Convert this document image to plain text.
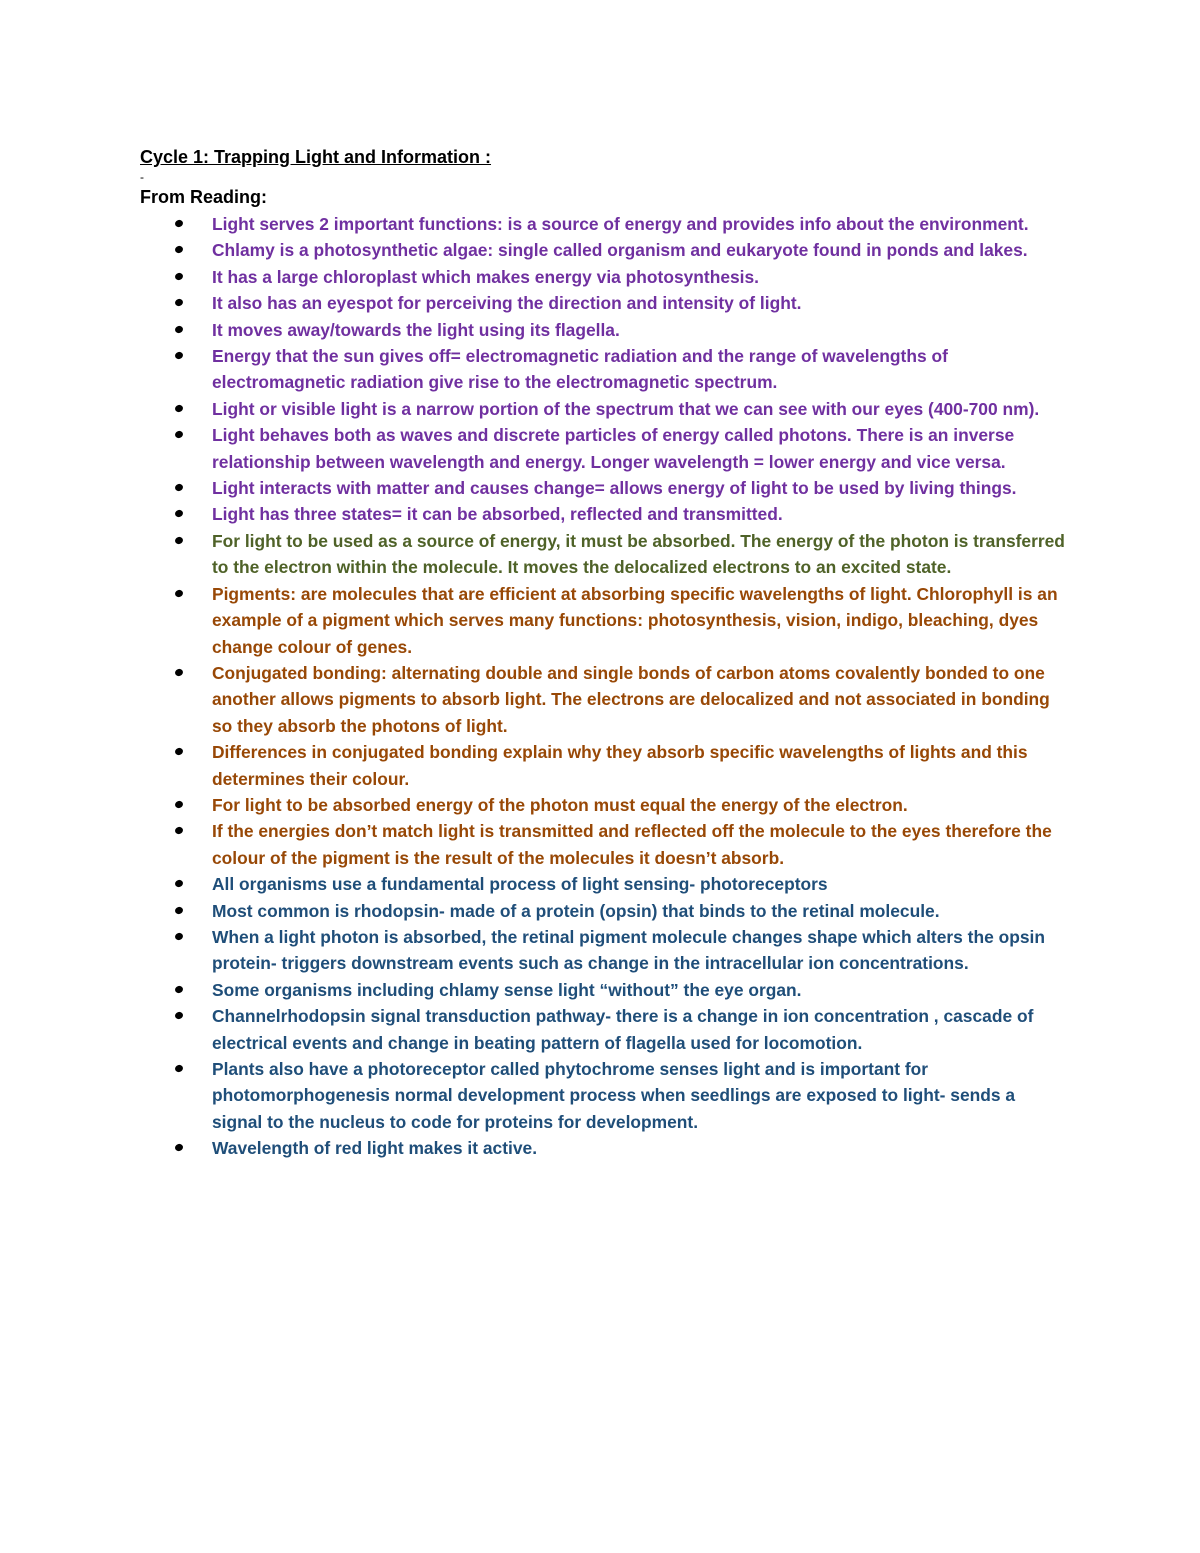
Cycle 1: Trapping Light and Information :
-
From Reading:
Light serves 2 important functions: is a source of energy and provides info about the environment.
Chlamy is a photosynthetic algae: single called organism and eukaryote found in ponds and lakes.
It has a large chloroplast which makes energy via photosynthesis.
It also has an eyespot for perceiving the direction and intensity of light.
It moves away/towards the light using its flagella.
Energy that the sun gives off= electromagnetic radiation and the range of wavelengths of electromagnetic radiation give rise to the electromagnetic spectrum.
Light or visible light is a narrow portion of the spectrum that we can see with our eyes (400-700 nm).
Light behaves both as waves and discrete particles of energy called photons. There is an inverse relationship between wavelength and energy. Longer wavelength = lower energy and vice versa.
Light interacts with matter and causes change= allows energy of light to be used by living things.
Light has three states= it can be absorbed, reflected and transmitted.
For light to be used as a source of energy, it must be absorbed. The energy of the photon is transferred to the electron within the molecule. It moves the delocalized electrons to an excited state.
Pigments: are molecules that are efficient at absorbing specific wavelengths of light. Chlorophyll is an example of a pigment which serves many functions: photosynthesis, vision, indigo, bleaching, dyes change colour of genes.
Conjugated bonding: alternating double and single bonds of carbon atoms covalently bonded to one another allows pigments to absorb light. The electrons are delocalized and not associated in bonding so they absorb the photons of light.
Differences in conjugated bonding explain why they absorb specific wavelengths of lights and this determines their colour.
For light to be absorbed energy of the photon must equal the energy of the electron.
If the energies don’t match light is transmitted and reflected off the molecule to the eyes therefore the colour of the pigment is the result of the molecules it doesn’t absorb.
All organisms use a fundamental process of light sensing- photoreceptors
Most common is rhodopsin- made of a protein (opsin) that binds to the retinal molecule.
When a light photon is absorbed, the retinal pigment molecule changes shape which alters the opsin protein- triggers downstream events such as change in the intracellular ion concentrations.
Some organisms including chlamy sense light “without” the eye organ.
Channelrhodopsin signal transduction pathway- there is a change in ion concentration , cascade of electrical events and change in beating pattern of flagella used for locomotion.
Plants also have a photoreceptor called phytochrome senses light and is important for photomorphogenesis normal development process when seedlings are exposed to light- sends a signal to the nucleus to code for proteins for development.
Wavelength of red light makes it active.
